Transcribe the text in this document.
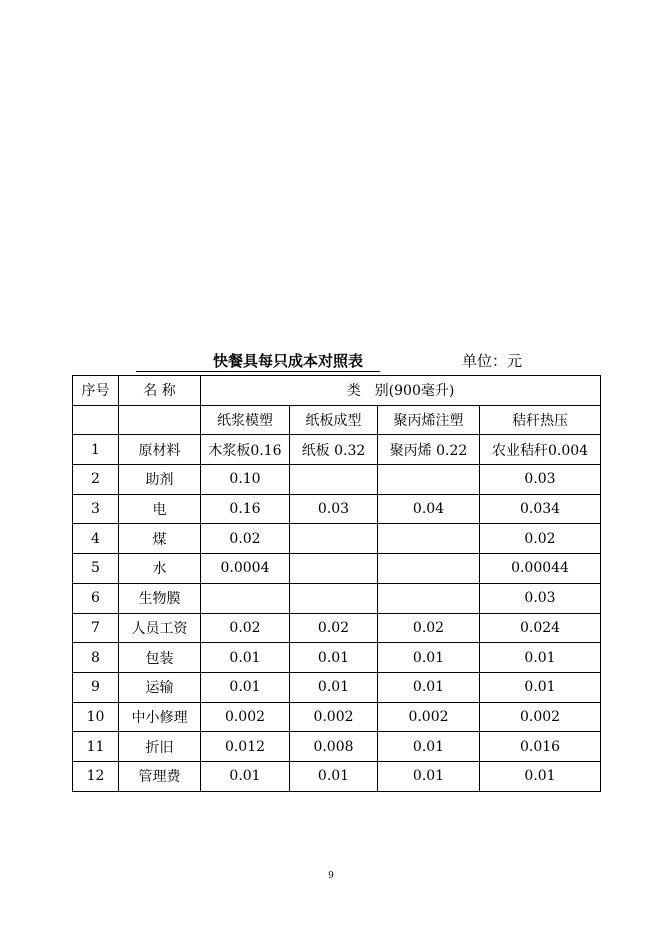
快餐具每只成本对照表	单位：元
序号	名 称	类　别(900毫升)			
		纸浆模塑	纸板成型	聚丙烯注塑	秸秆热压
1	原材料	木浆板0.16	纸板 0.32	聚丙烯 0.22	农业秸秆0.004
2	助剂	0.10			0.03
3	电	0.16	0.03	0.04	0.034
4	煤	0.02			0.02
5	水	0.0004			0.00044
6	生物膜				0.03
7	人员工资	0.02	0.02	0.02	0.024
8	包装	0.01	0.01	0.01	0.01
9	运输	0.01	0.01	0.01	0.01
10	中小修理	0.002	0.002	0.002	0.002
11	折旧	0.012	0.008	0.01	0.016
12	管理费	0.01	0.01	0.01	0.01
9
